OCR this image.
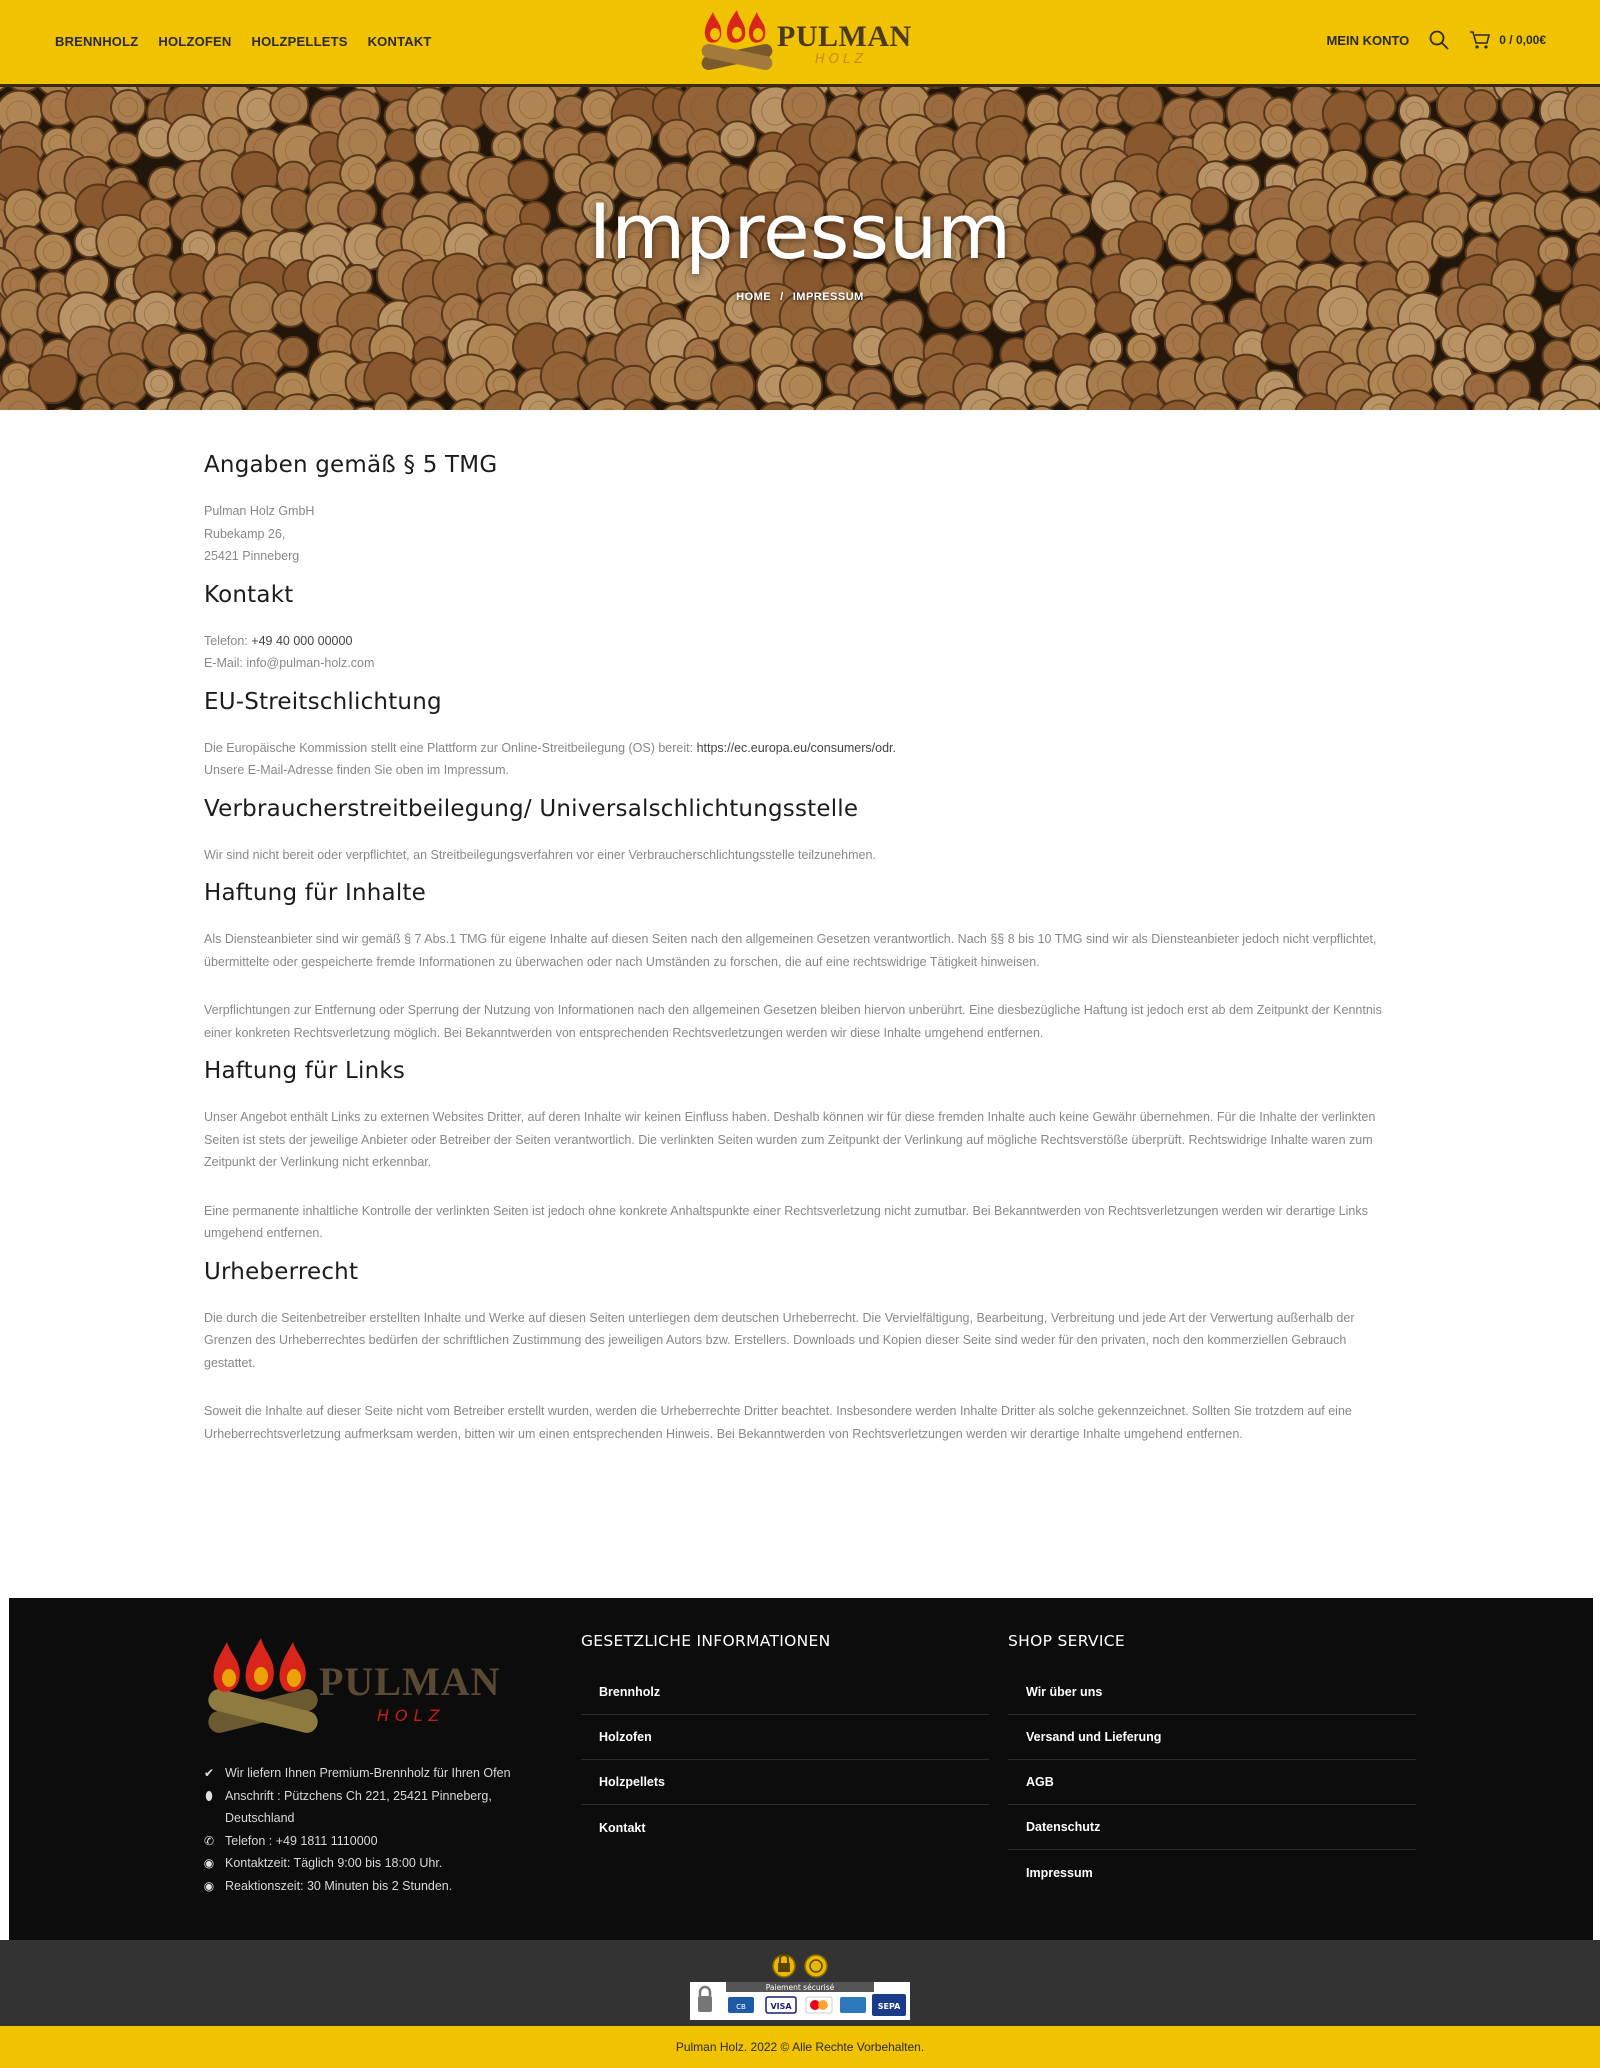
BRENNHOLZ HOLZOFEN HOLZPELLETS KONTAKT	PULMAN
HOLZ
MEIN KONTO	0 / 0,00€
Impressum
HOME / IMPRESSUM
Angaben gemäß § 5 TMG

Pulman Holz GmbH
Rubekamp 26,
25421 Pinneberg

Kontakt

Telefon: +49 40 000 00000
E-Mail: info@pulman-holz.com

EU-Streitschlichtung

Die Europäische Kommission stellt eine Plattform zur Online-Streitbeilegung (OS) bereit: https://ec.europa.eu/consumers/odr.
Unsere E-Mail-Adresse finden Sie oben im Impressum.

Verbraucherstreitbeilegung/ Universalschlichtungsstelle

Wir sind nicht bereit oder verpflichtet, an Streitbeilegungsverfahren vor einer Verbraucherschlichtungsstelle teilzunehmen.

Haftung für Inhalte

Als Diensteanbieter sind wir gemäß § 7 Abs.1 TMG für eigene Inhalte auf diesen Seiten nach den allgemeinen Gesetzen verantwortlich. Nach §§ 8 bis 10 TMG sind wir als Diensteanbieter jedoch nicht verpflichtet, übermittelte oder gespeicherte fremde Informationen zu überwachen oder nach Umständen zu forschen, die auf eine rechtswidrige Tätigkeit hinweisen.

Verpflichtungen zur Entfernung oder Sperrung der Nutzung von Informationen nach den allgemeinen Gesetzen bleiben hiervon unberührt. Eine diesbezügliche Haftung ist jedoch erst ab dem Zeitpunkt der Kenntnis einer konkreten Rechtsverletzung möglich. Bei Bekanntwerden von entsprechenden Rechtsverletzungen werden wir diese Inhalte umgehend entfernen.

Haftung für Links

Unser Angebot enthält Links zu externen Websites Dritter, auf deren Inhalte wir keinen Einfluss haben. Deshalb können wir für diese fremden Inhalte auch keine Gewähr übernehmen. Für die Inhalte der verlinkten Seiten ist stets der jeweilige Anbieter oder Betreiber der Seiten verantwortlich. Die verlinkten Seiten wurden zum Zeitpunkt der Verlinkung auf mögliche Rechtsverstöße überprüft. Rechtswidrige Inhalte waren zum Zeitpunkt der Verlinkung nicht erkennbar.

Eine permanente inhaltliche Kontrolle der verlinkten Seiten ist jedoch ohne konkrete Anhaltspunkte einer Rechtsverletzung nicht zumutbar. Bei Bekanntwerden von Rechtsverletzungen werden wir derartige Links umgehend entfernen.

Urheberrecht

Die durch die Seitenbetreiber erstellten Inhalte und Werke auf diesen Seiten unterliegen dem deutschen Urheberrecht. Die Vervielfältigung, Bearbeitung, Verbreitung und jede Art der Verwertung außerhalb der Grenzen des Urheberrechtes bedürfen der schriftlichen Zustimmung des jeweiligen Autors bzw. Erstellers. Downloads und Kopien dieser Seite sind weder für den privaten, noch den kommerziellen Gebrauch gestattet.

Soweit die Inhalte auf dieser Seite nicht vom Betreiber erstellt wurden, werden die Urheberrechte Dritter beachtet. Insbesondere werden Inhalte Dritter als solche gekennzeichnet. Sollten Sie trotzdem auf eine Urheberrechtsverletzung aufmerksam werden, bitten wir um einen entsprechenden Hinweis. Bei Bekanntwerden von Rechtsverletzungen werden wir derartige Inhalte umgehend entfernen.

PULMAN
HOLZ
✔ Wir liefern Ihnen Premium-Brennholz für Ihren Ofen
⬮ Anschrift : Pützchens Ch 221, 25421 Pinneberg, Deutschland
✆ Telefon : +49 1811 1110000
◉ Kontaktzeit: Täglich 9:00 bis 18:00 Uhr.
◉ Reaktionszeit: 30 Minuten bis 2 Stunden.
GESETZLICHE INFORMATIONEN
Brennholz
Holzofen
Holzpellets
Kontakt
SHOP SERVICE
Wir über uns
Versand und Lieferung
AGB
Datenschutz
Impressum
Paiement sécurisé
CB	VISA	SEPA
Pulman Holz. 2022 © Alle Rechte Vorbehalten.
